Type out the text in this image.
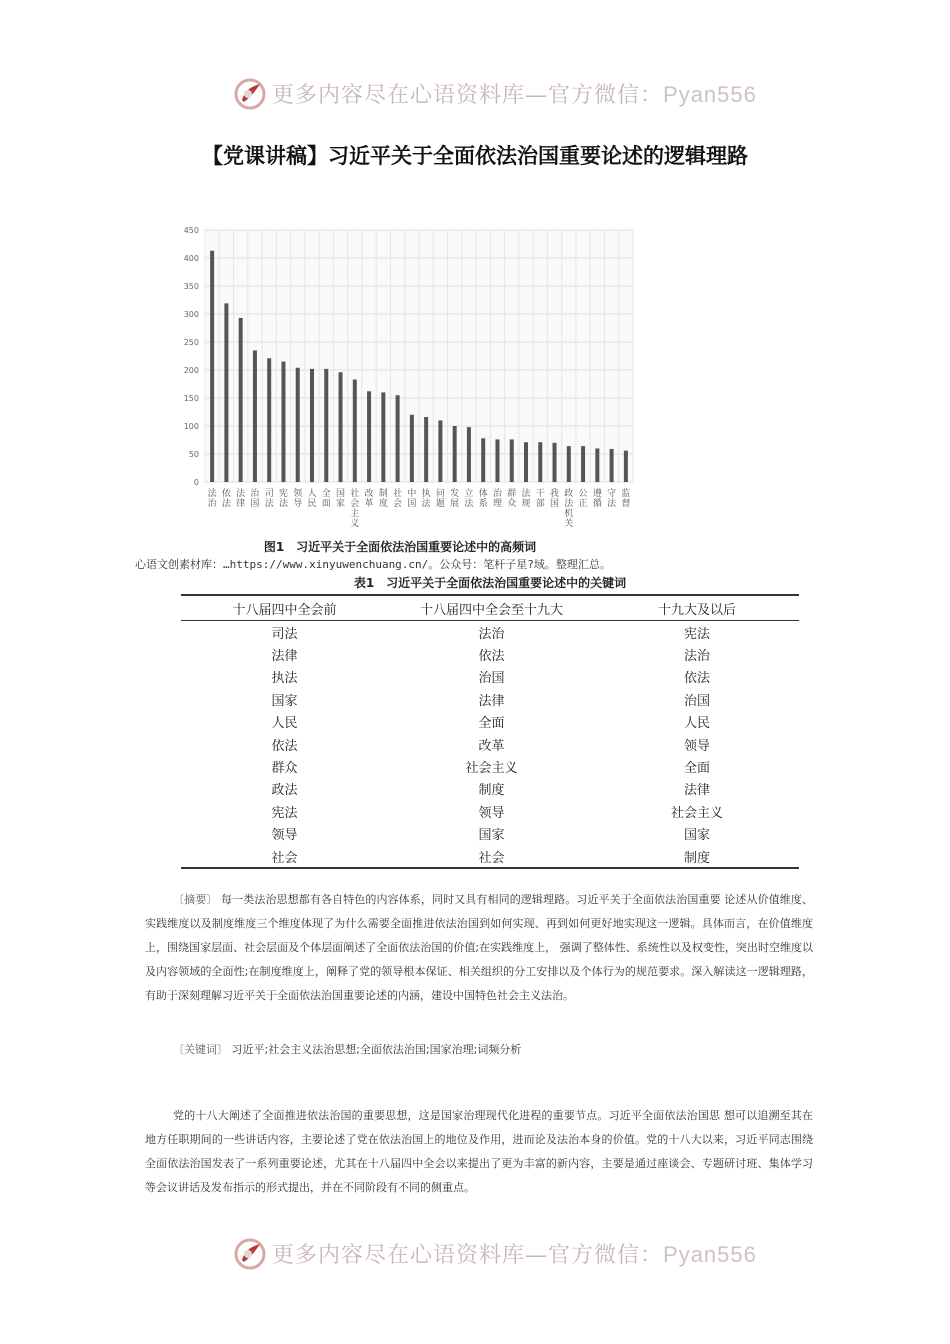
更多内容尽在心语资料库—官方微信：Pyan556
【党课讲稿】习近平关于全面依法治国重要论述的逻辑理路
0
50
100
150
200
250
300
350
400
450
法治
依法
法律
治国
司法
宪法
领导
人民
全面
国家
社会主义
改革
制度
社会
中国
执法
问题
发展
立法
体系
治理
群众
法规
干部
我国
政法机关
公正
遵循
守法
监督
图1　习近平关于全面依法治国重要论述中的高频词
心语文创素材库：…https://www.xinyuwenchuang.cn/。公众号：笔杆子星?域。整理汇总。
表1　习近平关于全面依法治国重要论述中的关键词
十八届四中全会前	十八届四中全会至十九大	十九大及以后
司法	法治	宪法
法律	依法	法治
执法	治国	依法
国家	法律	治国
人民	全面	人民
依法	改革	领导
群众	社会主义	全面
政法	制度	法律
宪法	领导	社会主义
领导	国家	国家
社会	社会	制度
〔摘要〕 每一类法治思想都有各自特色的内容体系，同时又具有相同的逻辑理路。习近平关于全面依法治国重要 论述从价值维度、实践维度以及制度维度三个维度体现了为什么需要全面推进依法治国到如何实现、再到如何更好地实现这一逻辑。具体而言，在价值维度上，围绕国家层面、社会层面及个体层面阐述了全面依法治国的价值;在实践维度上， 强调了整体性、系统性以及权变性，突出时空维度以及内容领域的全面性;在制度维度上，阐释了党的领导根本保证、相关组织的分工安排以及个体行为的规范要求。深入解读这一逻辑理路，有助于深刻理解习近平关于全面依法治国重要论述的内涵，建设中国特色社会主义法治。
〔关键词〕 习近平;社会主义法治思想;全面依法治国;国家治理;词频分析
党的十八大阐述了全面推进依法治国的重要思想，这是国家治理现代化进程的重要节点。习近平全面依法治国思 想可以追溯至其在地方任职期间的一些讲话内容，主要论述了党在依法治国上的地位及作用，进而论及法治本身的价值。党的十八大以来，习近平同志围绕全面依法治国发表了一系列重要论述，尤其在十八届四中全会以来提出了更为丰富的新内容，主要是通过座谈会、专题研讨班、集体学习等会议讲话及发布指示的形式提出，并在不同阶段有不同的侧重点。
更多内容尽在心语资料库—官方微信：Pyan556
